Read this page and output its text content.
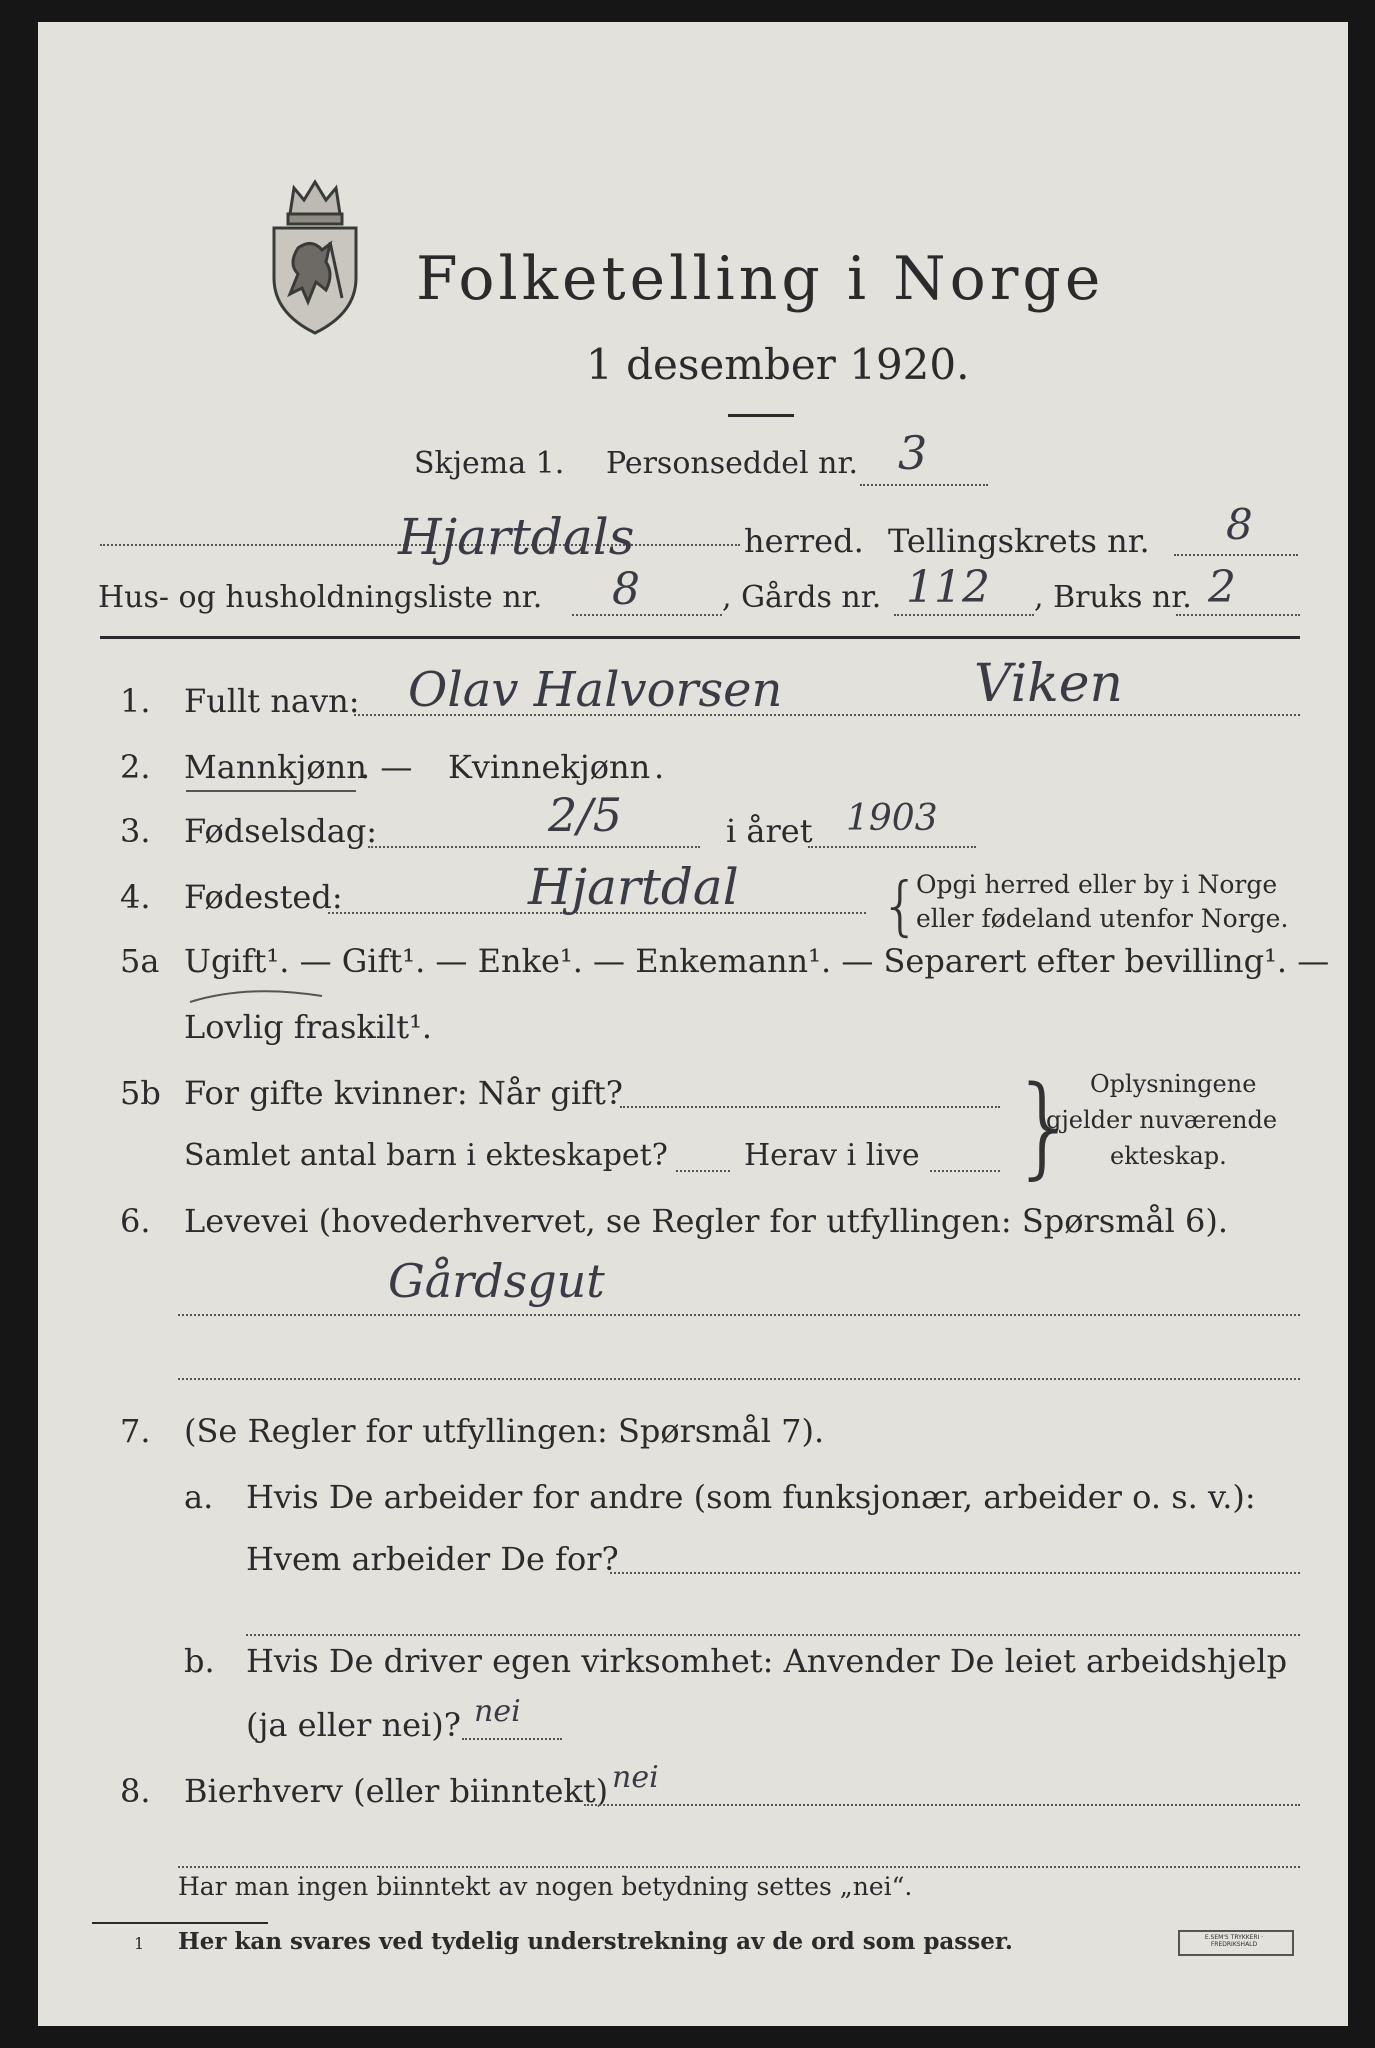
Folketelling i Norge
1 desember 1920.
Skjema 1. Personseddel nr. 3
Hjartdals	herred. Tellingskrets nr. 8
Hus- og husholdningsliste nr. 8	, Gårds nr. 112 , Bruks nr. 2
1. Fullt navn: Olav Halvorsen	Viken
2. Mannkjønn
. — Kvinnekjønn .
3. Fødselsdag:	2/5	i året 1903
4. Fødested:	Hjartdal {
Opgi herred eller by i Norge
eller fødeland utenfor Norge.
5a Ugift¹. — Gift¹. — Enke¹. — Enkemann¹. — Separert efter bevilling¹. —
Lovlig fraskilt¹.
5b For gifte kvinner: Når gift?
Samlet antal barn i ekteskapet?	Herav i live } Oplysningene
gjelder nuværende
ekteskap.
6. Levevei (hovederhvervet, se Regler for utfyllingen: Spørsmål 6).
Gårdsgut
7. (Se Regler for utfyllingen: Spørsmål 7).
a. Hvis De arbeider for andre (som funksjonær, arbeider o. s. v.):
Hvem arbeider De for?
b. Hvis De driver egen virksomhet: Anvender De leiet arbeidshjelp
(ja eller nei)? nei
8. Bierhverv (eller biinntekt) nei
Har man ingen biinntekt av nogen betydning settes „nei“.
1 Her kan svares ved tydelig understrekning av de ord som passer.	E.SEM'S TRYKKERI · FREDRIKSHALD
